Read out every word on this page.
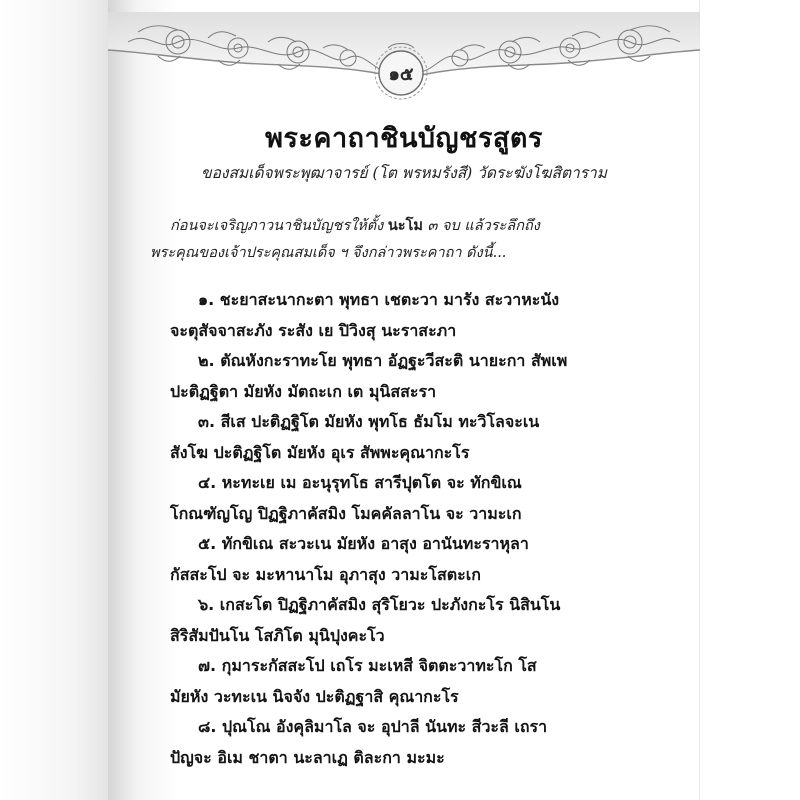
๑๕
พระคาถาชินบัญชรสูตร
ของสมเด็จพระพุฒาจารย์ (โต พรหมรังสี) วัดระฆังโฆสิตาราม
ก่อนจะเจริญภาวนาชินบัญชรให้ตั้ง นะโม ๓ จบ แล้วระลึกถึง
พระคุณของเจ้าประคุณสมเด็จ ฯ จึงกล่าวพระคาถา ดังนี้...
๑. ชะยาสะนากะตา พุทธา เชตะวา มารัง สะวาหะนัง
จะตุสัจจาสะภัง ระสัง เย ปิวิงสุ นะราสะภา
๒. ตัณหังกะราทะโย พุทธา อัฏฐะวีสะติ นายะกา สัพเพ
ปะติฏฐิตา มัยหัง มัตถะเก เต มุนิสสะรา
๓. สีเส ปะติฏฐิโต มัยหัง พุทโธ ธัมโม ทะวิโลจะเน
สังโฆ ปะติฏฐิโต มัยหัง อุเร สัพพะคุณากะโร
๔. หะทะเย เม อะนุรุทโธ สารีปุตโต จะ ทักขิเณ
โกณฑัญโญ ปิฏฐิภาคัสมิง โมคคัลลาโน จะ วามะเก
๕. ทักขิเณ สะวะเน มัยหัง อาสุง อานันทะราหุลา
กัสสะโป จะ มะหานาโม อุภาสุง วามะโสตะเก
๖. เกสะโต ปิฏฐิภาคัสมิง สุริโยวะ ปะภังกะโร นิสินโน
สิริสัมปันโน โสภิโต มุนิปุงคะโว
๗. กุมาระกัสสะโป เถโร มะเหสี จิตตะวาทะโก โส
มัยหัง วะทะเน นิจจัง ปะติฏฐาสิ คุณากะโร
๘. ปุณโณ อังคุลิมาโล จะ อุปาลี นันทะ สีวะลี เถรา
ปัญจะ อิเม ชาตา นะลาเฏ ติละกา มะมะ
